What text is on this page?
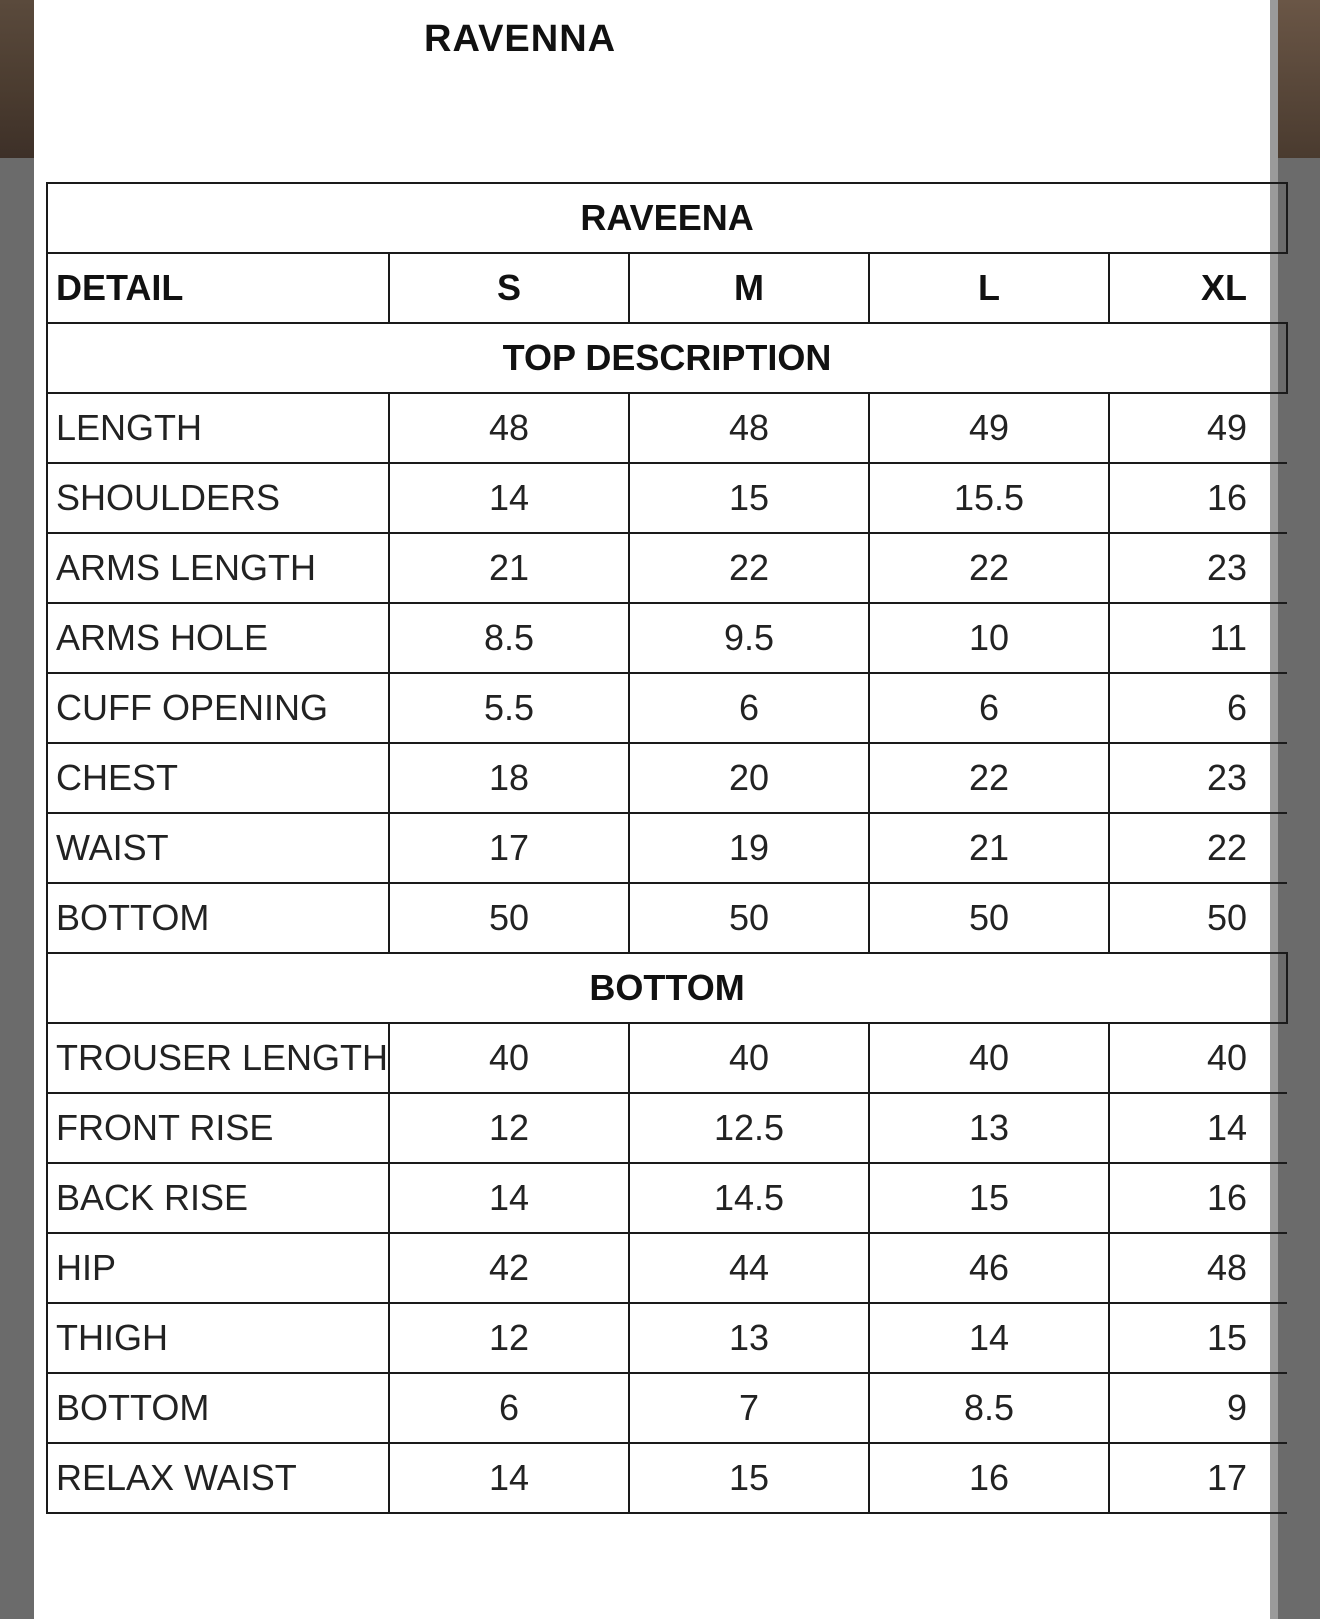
RAVENNA
RAVEENA				
DETAIL	S	M	L	XL
TOP DESCRIPTION				
LENGTH	48	48	49	49
SHOULDERS	14	15	15.5	16
ARMS LENGTH	21	22	22	23
ARMS HOLE	8.5	9.5	10	11
CUFF OPENING	5.5	6	6	6
CHEST	18	20	22	23
WAIST	17	19	21	22
BOTTOM	50	50	50	50
BOTTOM				
TROUSER LENGTH	40	40	40	40
FRONT RISE	12	12.5	13	14
BACK RISE	14	14.5	15	16
HIP	42	44	46	48
THIGH	12	13	14	15
BOTTOM	6	7	8.5	9
RELAX WAIST	14	15	16	17
